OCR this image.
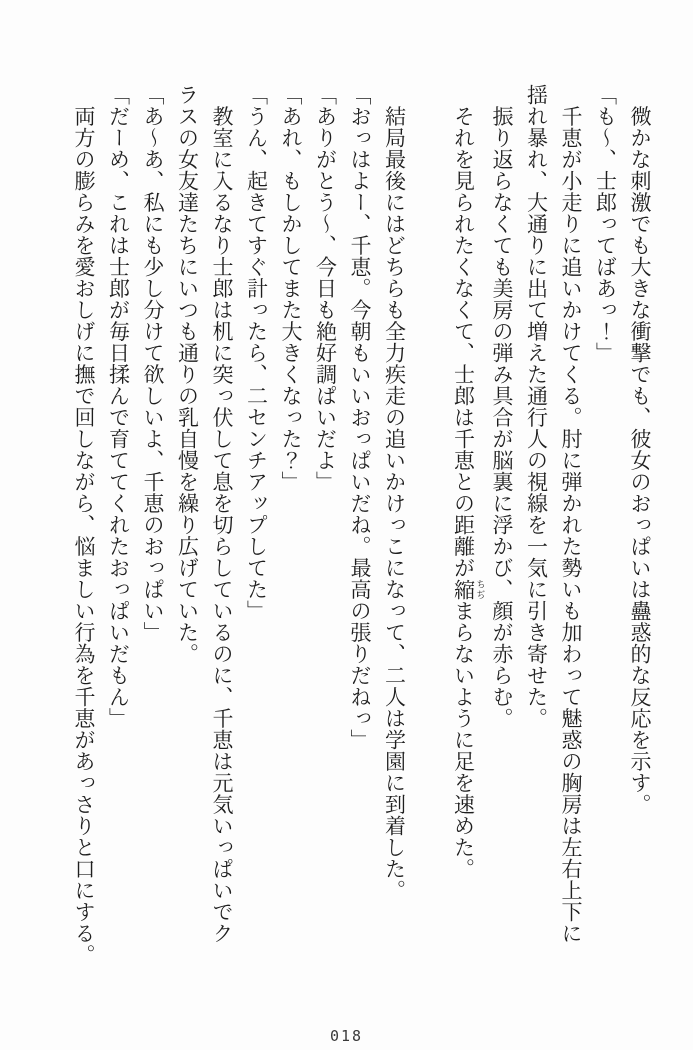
　微かな刺激でも大きな衝撃でも、彼女のおっぱいは蠱惑的な反応を示す。

「も〜、士郎ってばあっ！」

　千恵が小走りに追いかけてくる。肘に弾かれた勢いも加わって魅惑の胸房は左右上下に

揺れ暴れ、大通りに出て増えた通行人の視線を一気に引き寄せた。

　振り返らなくても美房の弾み具合が脳裏に浮かび、顔が赤らむ。

　それを見られたくなくて、士郎は千恵との距離が縮 ちぢまらないように足を速めた。

　結局最後にはどちらも全力疾走の追いかけっこになって、二人は学園に到着した。

「おっはよー、千恵。今朝もいいおっぱいだね。最高の張りだねっ」

「ありがとう〜、今日も絶好調ぱいだよ」

「あれ、もしかしてまた大きくなった？」

「うん、起きてすぐ計ったら、二センチアップしてた」

　教室に入るなり士郎は机に突っ伏して息を切らしているのに、千恵は元気いっぱいでク

ラスの女友達たちにいつも通りの乳自慢を繰り広げていた。

「あ〜あ、私にも少し分けて欲しいよ、千恵のおっぱい」

「だーめ、これは士郎が毎日揉んで育ててくれたおっぱいだもん」

　両方の膨らみを愛おしげに撫で回しながら、悩ましい行為を千恵があっさりと口にする。

018
